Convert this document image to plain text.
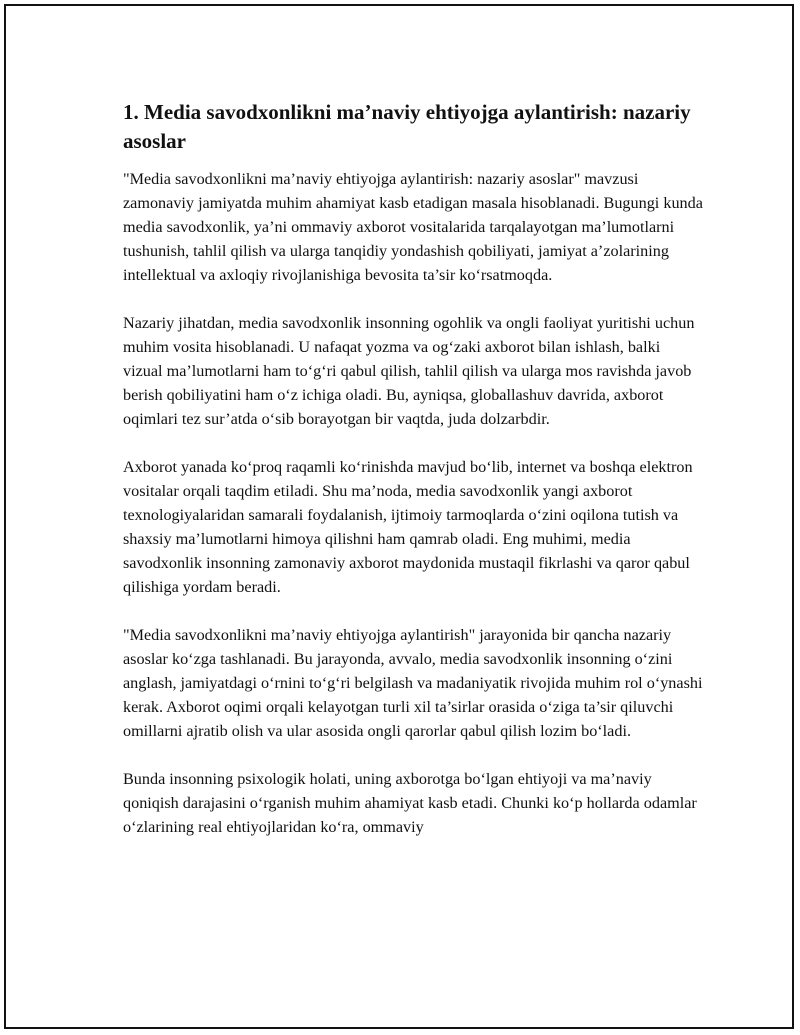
1. Media savodxonlikni ma’naviy ehtiyojga aylantirish: nazariy asoslar

"Media savodxonlikni ma’naviy ehtiyojga aylantirish: nazariy asoslar" mavzusi zamonaviy jamiyatda muhim ahamiyat kasb etadigan masala hisoblanadi. Bugungi kunda media savodxonlik, ya’ni ommaviy axborot vositalarida tarqalayotgan ma’lumotlarni tushunish, tahlil qilish va ularga tanqidiy yondashish qobiliyati, jamiyat a’zolarining intellektual va axloqiy rivojlanishiga bevosita ta’sir ko‘rsatmoqda.

Nazariy jihatdan, media savodxonlik insonning ogohlik va ongli faoliyat yuritishi uchun muhim vosita hisoblanadi. U nafaqat yozma va og‘zaki axborot bilan ishlash, balki vizual ma’lumotlarni ham to‘g‘ri qabul qilish, tahlil qilish va ularga mos ravishda javob berish qobiliyatini ham o‘z ichiga oladi. Bu, ayniqsa, globallashuv davrida, axborot oqimlari tez sur’atda o‘sib borayotgan bir vaqtda, juda dolzarbdir.

Axborot yanada ko‘proq raqamli ko‘rinishda mavjud bo‘lib, internet va boshqa elektron vositalar orqali taqdim etiladi. Shu ma’noda, media savodxonlik yangi axborot texnologiyalaridan samarali foydalanish, ijtimoiy tarmoqlarda o‘zini oqilona tutish va shaxsiy ma’lumotlarni himoya qilishni ham qamrab oladi. Eng muhimi, media savodxonlik insonning zamonaviy axborot maydonida mustaqil fikrlashi va qaror qabul qilishiga yordam beradi.

"Media savodxonlikni ma’naviy ehtiyojga aylantirish" jarayonida bir qancha nazariy asoslar ko‘zga tashlanadi. Bu jarayonda, avvalo, media savodxonlik insonning o‘zini anglash, jamiyatdagi o‘rnini to‘g‘ri belgilash va madaniyatik rivojida muhim rol o‘ynashi kerak. Axborot oqimi orqali kelayotgan turli xil ta’sirlar orasida o‘ziga ta’sir qiluvchi omillarni ajratib olish va ular asosida ongli qarorlar qabul qilish lozim bo‘ladi.

Bunda insonning psixologik holati, uning axborotga bo‘lgan ehtiyoji va ma’naviy qoniqish darajasini o‘rganish muhim ahamiyat kasb etadi. Chunki ko‘p hollarda odamlar o‘zlarining real ehtiyojlaridan ko‘ra, ommaviy
